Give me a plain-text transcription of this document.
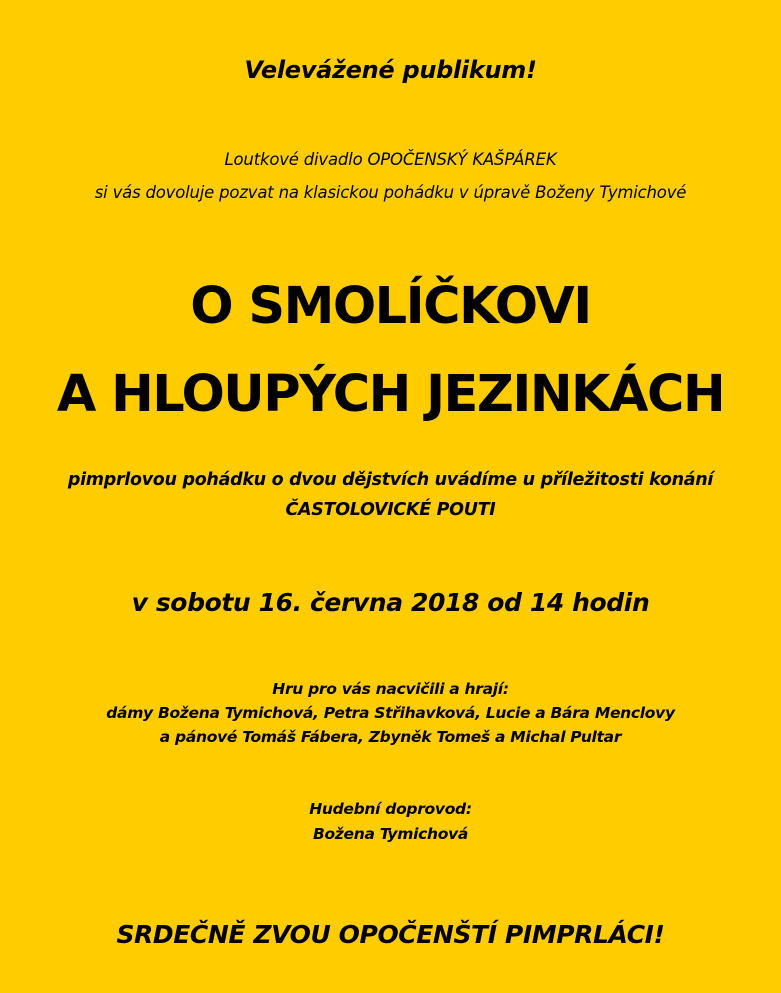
Velevážené publikum!

Loutkové divadlo OPOČENSKÝ KAŠPÁREK

si vás dovoluje pozvat na klasickou pohádku v úpravě Boženy Tymichové

O SMOLÍČKOVI
A HLOUPÝCH JEZINKÁCH

pimprlovou pohádku o dvou dějstvích uvádíme u příležitosti konání

ČASTOLOVICKÉ POUTI

v sobotu 16. června 2018 od 14 hodin

Hru pro vás nacvičili a hrají:

dámy Božena Tymichová, Petra Střihavková, Lucie a Bára Menclovy

a pánové Tomáš Fábera, Zbyněk Tomeš a Michal Pultar

Hudební doprovod:

Božena Tymichová

SRDEČNĚ ZVOU OPOČENŠTÍ PIMPRLÁCI!
